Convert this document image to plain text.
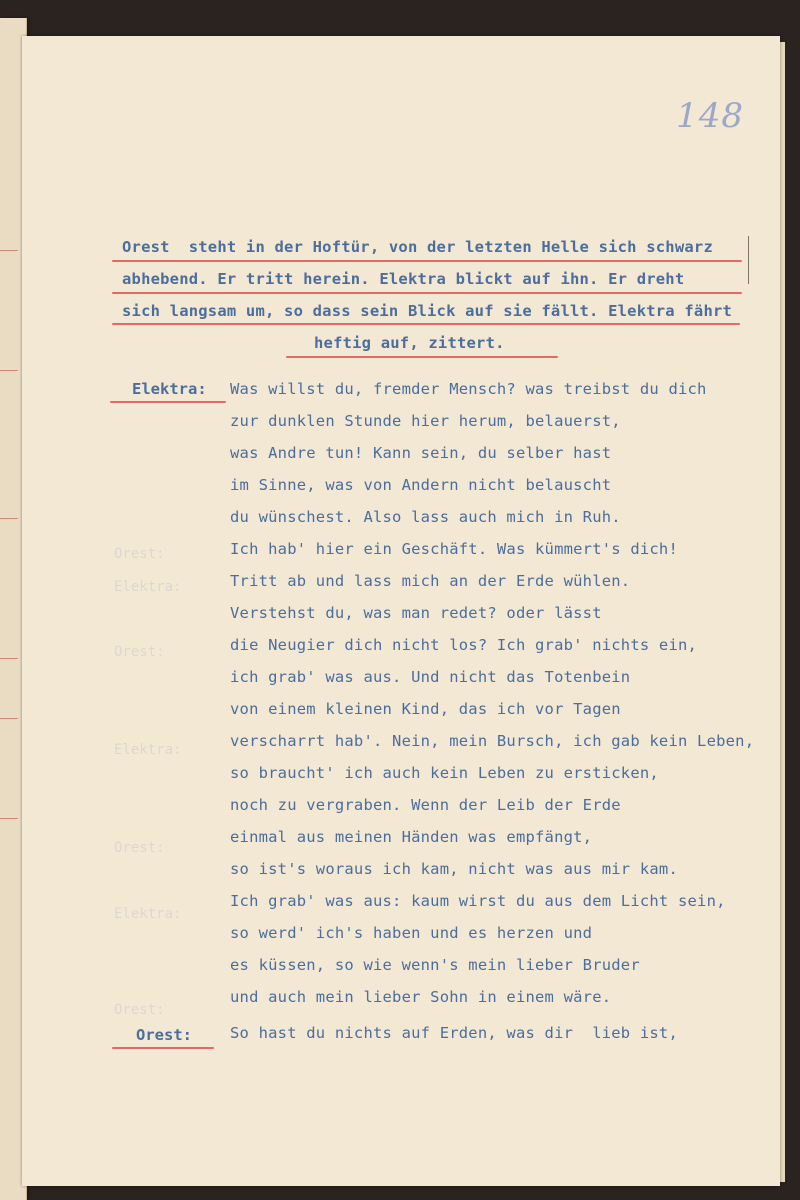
Orest:
Elektra:
Orest:
Elektra:
Orest:
Elektra:
Orest:
148
Orest  steht in der Hoftür, von der letzten Helle sich schwarz
abhebend. Er tritt herein. Elektra blickt auf ihn. Er dreht
sich langsam um, so dass sein Blick auf sie fällt. Elektra fährt
heftig auf, zittert.
Elektra: Was willst du, fremder Mensch? was treibst du dich
zur dunklen Stunde hier herum, belauerst,
was Andre tun! Kann sein, du selber hast
im Sinne, was von Andern nicht belauscht
du wünschest. Also lass auch mich in Ruh.
Ich hab' hier ein Geschäft. Was kümmert's dich!
Tritt ab und lass mich an der Erde wühlen.
Verstehst du, was man redet? oder lässt
die Neugier dich nicht los? Ich grab' nichts ein,
ich grab' was aus. Und nicht das Totenbein
von einem kleinen Kind, das ich vor Tagen
verscharrt hab'. Nein, mein Bursch, ich gab kein Leben,
so braucht' ich auch kein Leben zu ersticken,
noch zu vergraben. Wenn der Leib der Erde
einmal aus meinen Händen was empfängt,
so ist's woraus ich kam, nicht was aus mir kam.
Ich grab' was aus: kaum wirst du aus dem Licht sein,
so werd' ich's haben und es herzen und
es küssen, so wie wenn's mein lieber Bruder
und auch mein lieber Sohn in einem wäre.
Orest: So hast du nichts auf Erden, was dir  lieb ist,
